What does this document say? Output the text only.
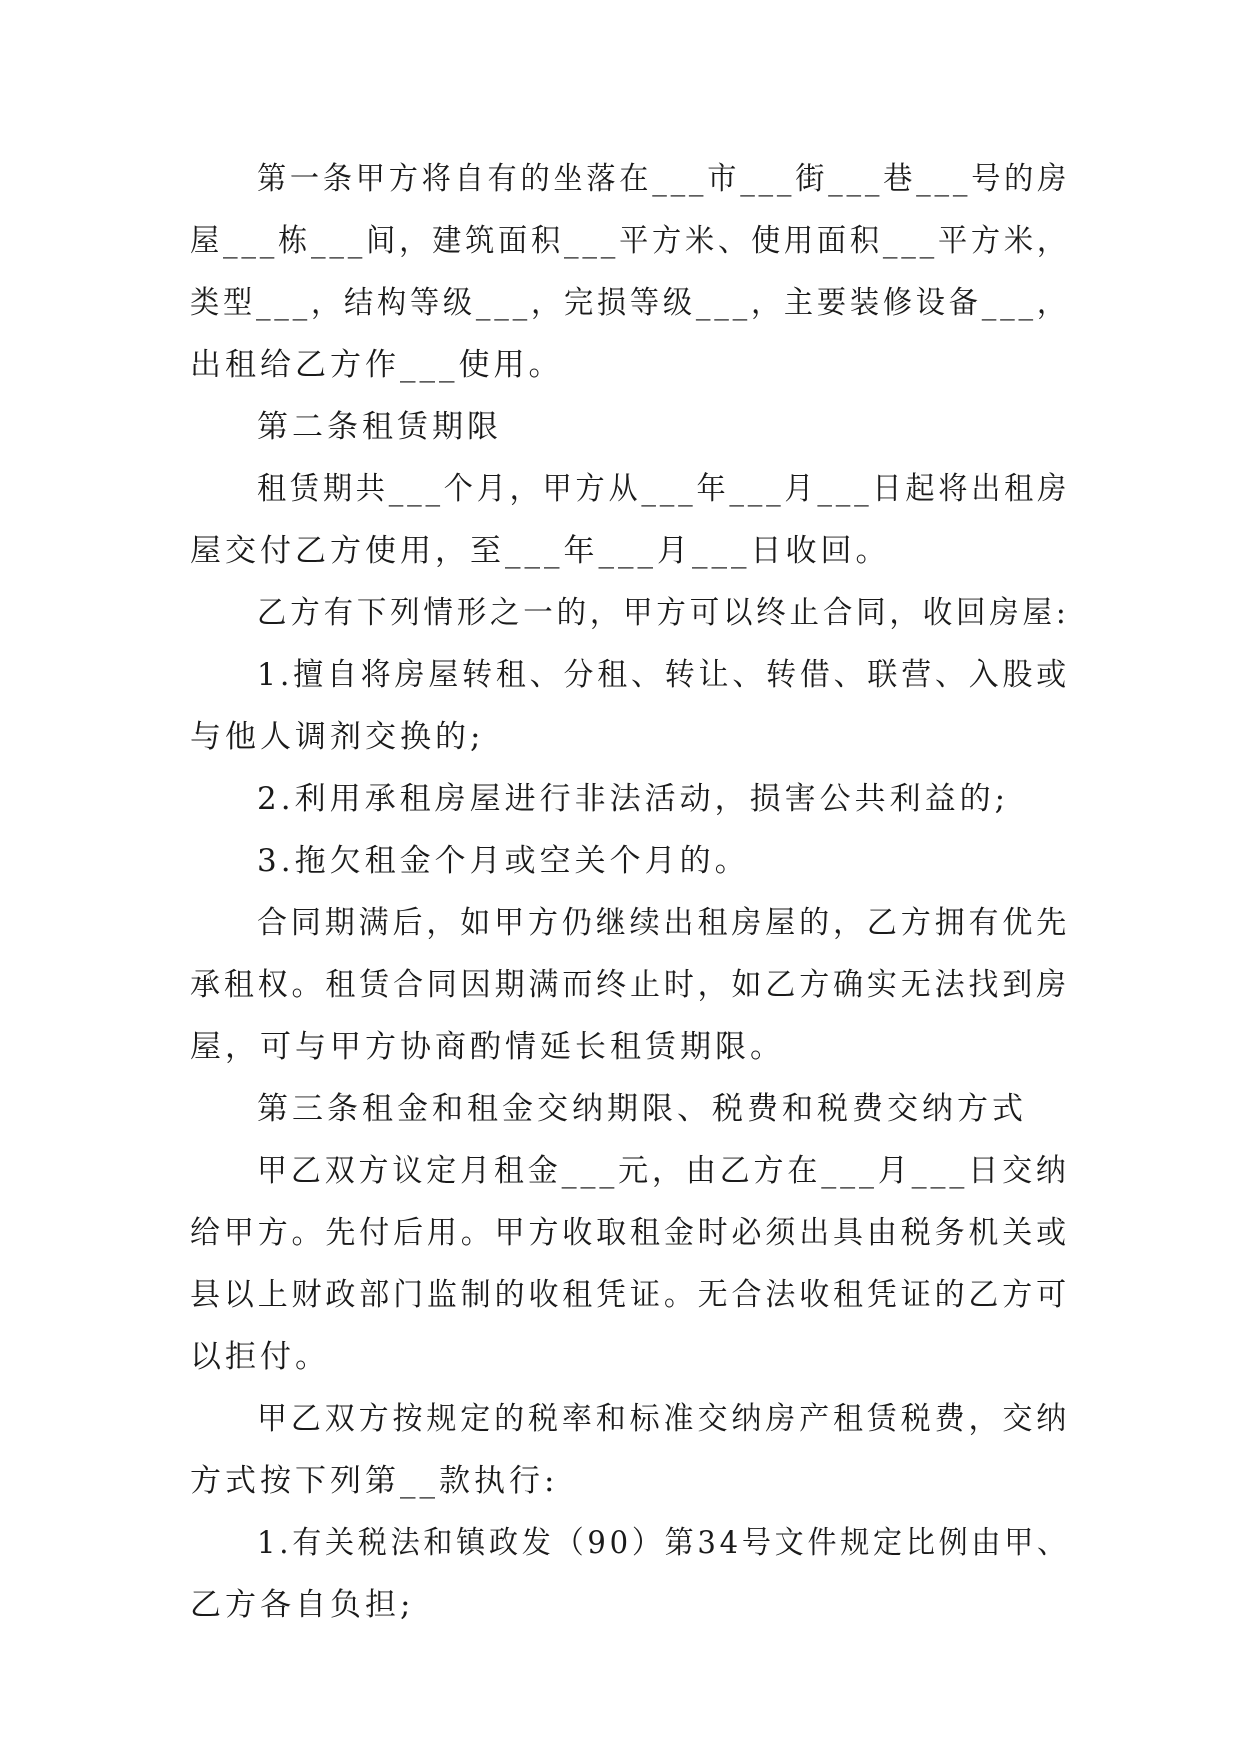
第一条甲方将自有的坐落在___市___街___巷___号的房

屋___栋___间，建筑面积___平方米、使用面积___平方米，

类型___，结构等级___，完损等级___，主要装修设备___，

出租给乙方作___使用。

第二条租赁期限

租赁期共___个月，甲方从___年___月___日起将出租房

屋交付乙方使用，至___年___月___日收回。

乙方有下列情形之一的，甲方可以终止合同，收回房屋:

1.擅自将房屋转租、分租、转让、转借、联营、入股或

与他人调剂交换的;

2.利用承租房屋进行非法活动，损害公共利益的;

3.拖欠租金个月或空关个月的。

合同期满后，如甲方仍继续出租房屋的，乙方拥有优先

承租权。租赁合同因期满而终止时，如乙方确实无法找到房

屋，可与甲方协商酌情延长租赁期限。

第三条租金和租金交纳期限、税费和税费交纳方式

甲乙双方议定月租金___元，由乙方在___月___日交纳

给甲方。先付后用。甲方收取租金时必须出具由税务机关或

县以上财政部门监制的收租凭证。无合法收租凭证的乙方可

以拒付。

甲乙双方按规定的税率和标准交纳房产租赁税费，交纳

方式按下列第__款执行:

1.有关税法和镇政发（90）第34号文件规定比例由甲、

乙方各自负担;
